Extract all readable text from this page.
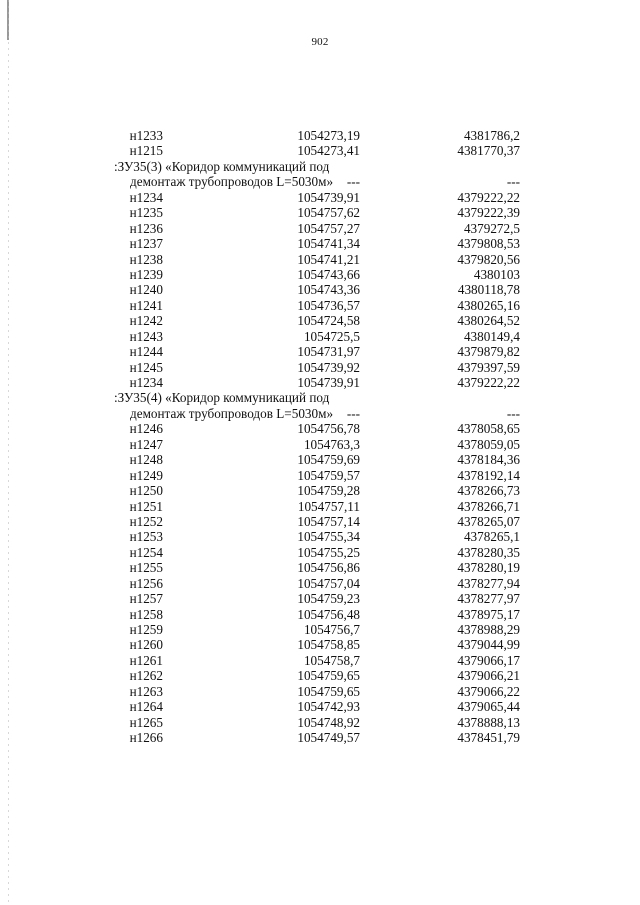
902
н1233	1054273,19	4381786,2
н1215	1054273,41	4381770,37
:ЗУ35(3) «Коридор коммуникаций под
демонтаж трубопроводов L=5030м» ---	---
н1234	1054739,91	4379222,22
н1235	1054757,62	4379222,39
н1236	1054757,27	4379272,5
н1237	1054741,34	4379808,53
н1238	1054741,21	4379820,56
н1239	1054743,66	4380103
н1240	1054743,36	4380118,78
н1241	1054736,57	4380265,16
н1242	1054724,58	4380264,52
н1243	1054725,5	4380149,4
н1244	1054731,97	4379879,82
н1245	1054739,92	4379397,59
н1234	1054739,91	4379222,22
:ЗУ35(4) «Коридор коммуникаций под
демонтаж трубопроводов L=5030м» ---	---
н1246	1054756,78	4378058,65
н1247	1054763,3	4378059,05
н1248	1054759,69	4378184,36
н1249	1054759,57	4378192,14
н1250	1054759,28	4378266,73
н1251	1054757,11	4378266,71
н1252	1054757,14	4378265,07
н1253	1054755,34	4378265,1
н1254	1054755,25	4378280,35
н1255	1054756,86	4378280,19
н1256	1054757,04	4378277,94
н1257	1054759,23	4378277,97
н1258	1054756,48	4378975,17
н1259	1054756,7	4378988,29
н1260	1054758,85	4379044,99
н1261	1054758,7	4379066,17
н1262	1054759,65	4379066,21
н1263	1054759,65	4379066,22
н1264	1054742,93	4379065,44
н1265	1054748,92	4378888,13
н1266	1054749,57	4378451,79
